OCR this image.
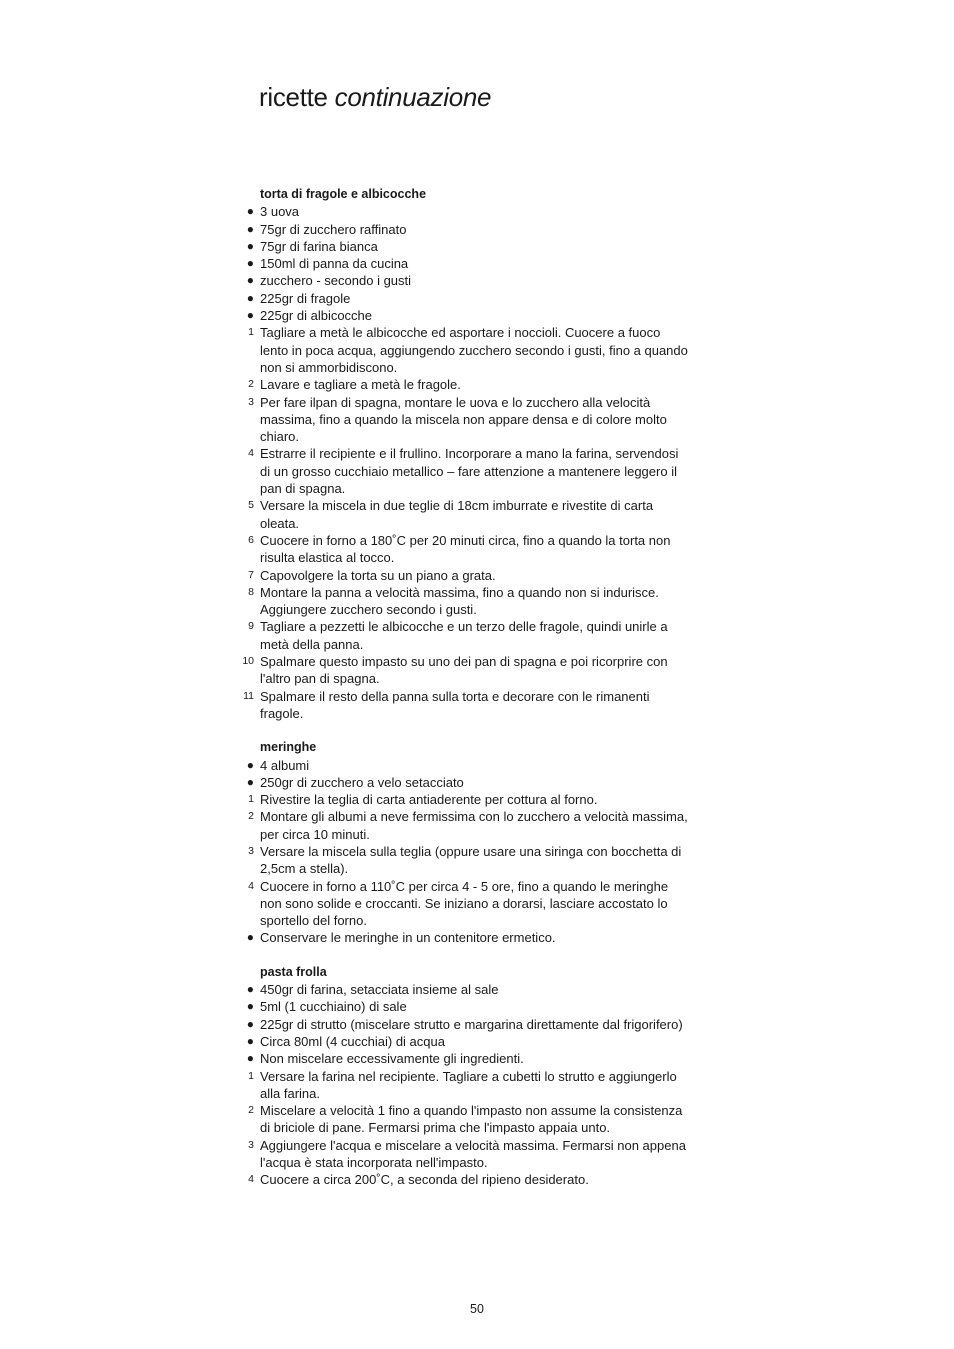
ricette continuazione
torta di fragole e albicocche
● 3 uova
● 75gr di zucchero raffinato
● 75gr di farina bianca
● 150ml di panna da cucina
● zucchero - secondo i gusti
● 225gr di fragole
● 225gr di albicocche
1 Tagliare a metà le albicocche ed asportare i noccioli. Cuocere a fuoco lento in poca acqua, aggiungendo zucchero secondo i gusti, fino a quando non si ammorbidiscono.
2 Lavare e tagliare a metà le fragole.
3 Per fare ilpan di spagna, montare le uova e lo zucchero alla velocità massima, fino a quando la miscela non appare densa e di colore molto chiaro.
4 Estrarre il recipiente e il frullino. Incorporare a mano la farina, servendosi di un grosso cucchiaio metallico – fare attenzione a mantenere leggero il pan di spagna.
5 Versare la miscela in due teglie di 18cm imburrate e rivestite di carta oleata.
6 Cuocere in forno a 180˚C per 20 minuti circa, fino a quando la torta non risulta elastica al tocco.
7 Capovolgere la torta su un piano a grata.
8 Montare la panna a velocità massima, fino a quando non si indurisce. Aggiungere zucchero secondo i gusti.
9 Tagliare a pezzetti le albicocche e un terzo delle fragole, quindi unirle a metà della panna.
10 Spalmare questo impasto su uno dei pan di spagna e poi ricorprire con l'altro pan di spagna.
11 Spalmare il resto della panna sulla torta e decorare con le rimanenti fragole.
meringhe
● 4 albumi
● 250gr di zucchero a velo setacciato
1 Rivestire la teglia di carta antiaderente per cottura al forno.
2 Montare gli albumi a neve fermissima con lo zucchero a velocità massima, per circa 10 minuti.
3 Versare la miscela sulla teglia (oppure usare una siringa con bocchetta di 2,5cm a stella).
4 Cuocere in forno a 110˚C per circa 4 - 5 ore, fino a quando le meringhe non sono solide e croccanti. Se iniziano a dorarsi, lasciare accostato lo sportello del forno.
● Conservare le meringhe in un contenitore ermetico.
pasta frolla
● 450gr di farina, setacciata insieme al sale
● 5ml (1 cucchiaino) di sale
● 225gr di strutto (miscelare strutto e margarina direttamente dal frigorifero)
● Circa 80ml (4 cucchiai) di acqua
● Non miscelare eccessivamente gli ingredienti.
1 Versare la farina nel recipiente. Tagliare a cubetti lo strutto e aggiungerlo alla farina.
2 Miscelare a velocità 1 fino a quando l'impasto non assume la consistenza di briciole di pane. Fermarsi prima che l'impasto appaia unto.
3 Aggiungere l'acqua e miscelare a velocità massima. Fermarsi non appena l'acqua è stata incorporata nell'impasto.
4 Cuocere a circa 200˚C, a seconda del ripieno desiderato.
50
